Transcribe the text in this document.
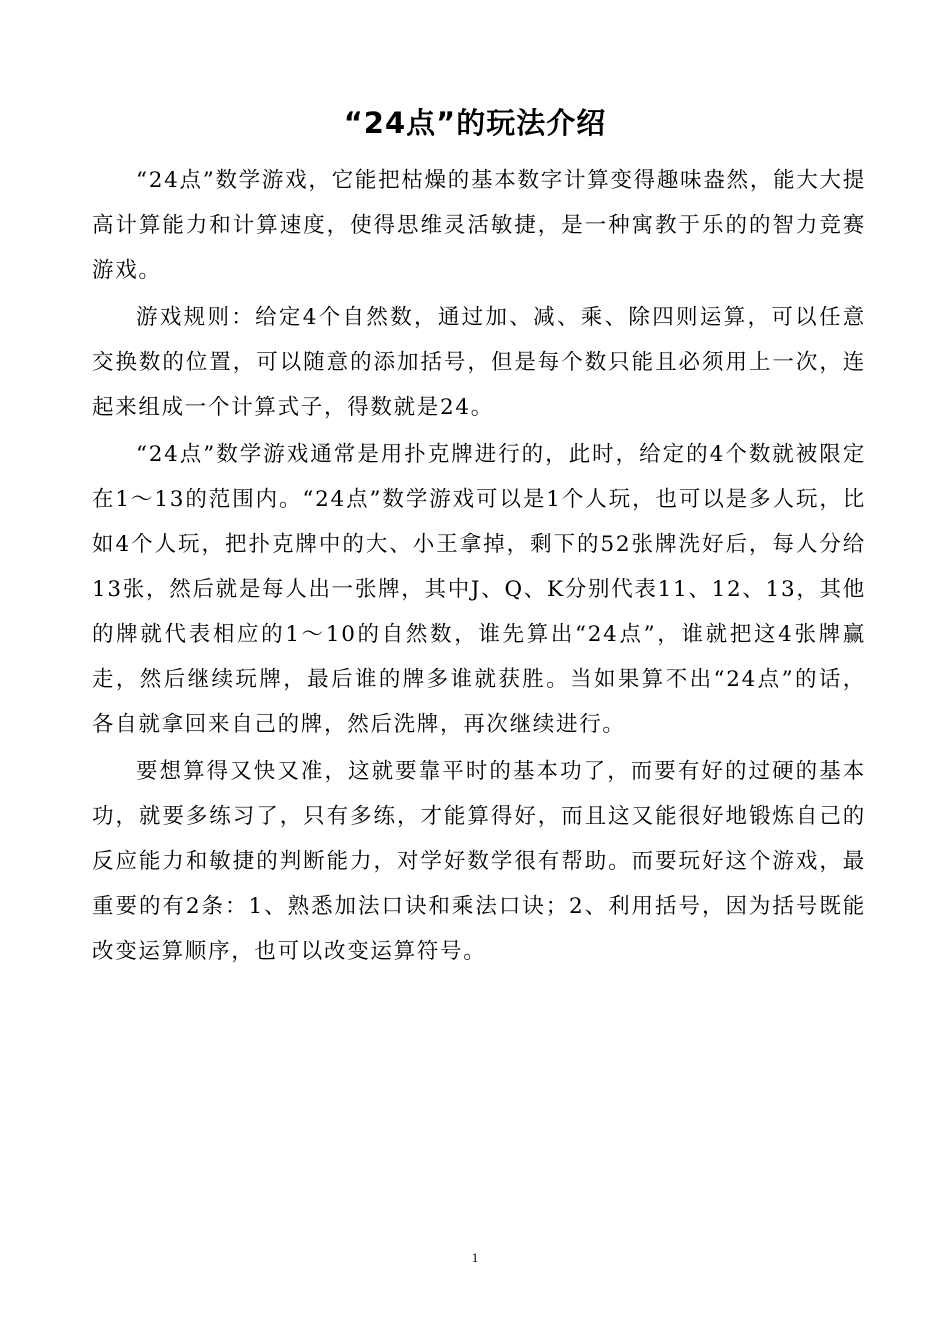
“24点”的玩法介绍

“24点”数学游戏，它能把枯燥的基本数字计算变得趣味盎然，能大大提高计算能力和计算速度，使得思维灵活敏捷，是一种寓教于乐的的智力竞赛游戏。

游戏规则：给定4个自然数，通过加、减、乘、除四则运算，可以任意交换数的位置，可以随意的添加括号，但是每个数只能且必须用上一次，连起来组成一个计算式子，得数就是24。

“24点”数学游戏通常是用扑克牌进行的，此时，给定的4个数就被限定在1～13的范围内。“24点”数学游戏可以是1个人玩，也可以是多人玩，比如4个人玩，把扑克牌中的大、小王拿掉，剩下的52张牌洗好后，每人分给13张，然后就是每人出一张牌，其中J、Q、K分别代表11、12、13，其他的牌就代表相应的1～10的自然数，谁先算出“24点”，谁就把这4张牌赢走，然后继续玩牌，最后谁的牌多谁就获胜。当如果算不出“24点”的话，各自就拿回来自己的牌，然后洗牌，再次继续进行。

要想算得又快又准，这就要靠平时的基本功了，而要有好的过硬的基本功，就要多练习了，只有多练，才能算得好，而且这又能很好地锻炼自己的反应能力和敏捷的判断能力，对学好数学很有帮助。而要玩好这个游戏，最重要的有2条：1、熟悉加法口诀和乘法口诀；2、利用括号，因为括号既能改变运算顺序，也可以改变运算符号。

1
